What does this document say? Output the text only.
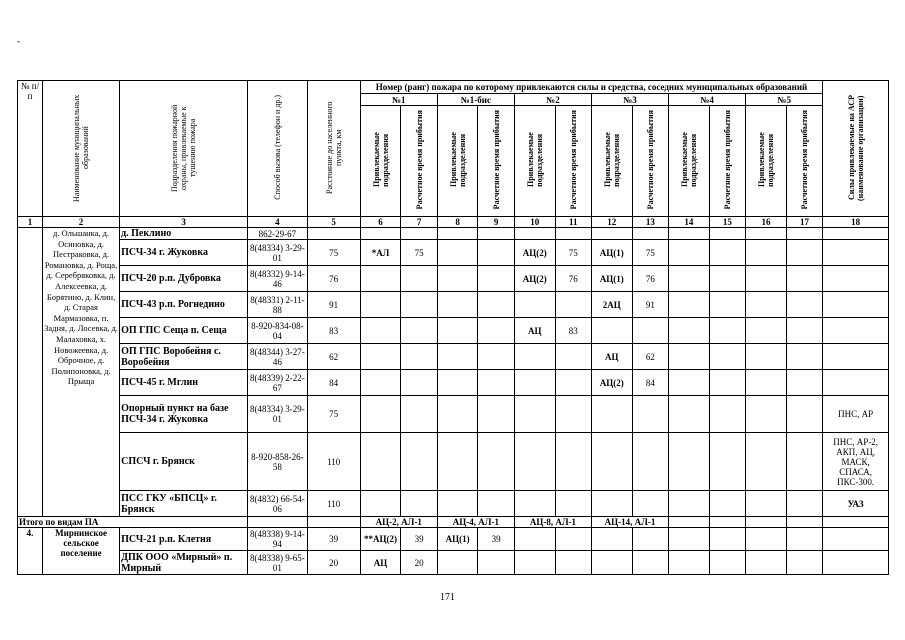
-
№ п/п	Наименование муниципальных образований	Подразделения пожарной охраны, привлекаемые к тушению пожара	Способ вызова (телефон и др.)	Расстояние до населенного пункта, км	Номер (ранг) пожара по которому привлекаются силы и средства, соседних муниципальных образований												Силы привлекаемые на АСР (наименование организации)
					№1		№1-бис		№2		№3		№4		№5		
					Привлекаемые подразделения	Расчетное время прибытия	Привлекаемые подразделения	Расчетное время прибытия	Привлекаемые подразделения	Расчетное время прибытия	Привлекаемые подразделения	Расчетное время прибытия	Привлекаемые подразделения	Расчетное время прибытия	Привлекаемые подразделения	Расчетное время прибытия	
1	2	3	4	5	6	7	8	9	10	11	12	13	14	15	16	17	18
	д. Ольшанка, д. Осиновка, д. Пестраковка, д. Романовка, д. Роща, д. Серебряковка, д. Алексеевка, д. Борятино, д. Клин, д. Старая Мармазовка, п. Задня, д. Лосевка, д. Малаховка, х. Новожеевка, д. Оброчное, д. Полипоновка, д. Прыща	д. Пеклино	862-29-67														
		ПСЧ-34 г. Жуковка	8(48334) 3-29-01	75	*АЛ	75			АЦ(2)	75	АЦ(1)	75					
		ПСЧ-20 р.п. Дубровка	8(48332) 9-14-46	76					АЦ(2)	76	АЦ(1)	76					
		ПСЧ-43 р.п. Рогнедино	8(48331) 2-11-88	91							2АЦ	91					
		ОП ГПС Сеща п. Сеща	8-920-834-08-04	83					АЦ	83							
		ОП ГПС Воробейня с. Воробейня	8(48344) 3-27-46	62							АЦ	62					
		ПСЧ-45 г. Мглин	8(48339) 2-22-67	84							АЦ(2)	84					
		Опорный пункт на базе ПСЧ-34 г. Жуковка	8(48334) 3-29-01	75													ПНС, АР
		СПСЧ г. Брянск	8-920-858-26-58	110													ПНС, АР-2, АКП, АЦ, МАСК, СПАСА, ПКС-300.
		ПСС ГКУ «БПСЦ» г. Брянск	8(4832) 66-54-06	110													УАЗ
Итого по видам ПА					АЦ-2, АЛ-1		АЦ-4, АЛ-1		АЦ-8, АЛ-1		АЦ-14, АЛ-1						
4.	Мирнинское сельское поселение	ПСЧ-21 р.п. Клетня	8(48338) 9-14-94	39	**АЦ(2)	39	АЦ(1)	39									
		ДПК ООО «Мирный» п. Мирный	8(48338) 9-65-01	20	АЦ	20											
171
